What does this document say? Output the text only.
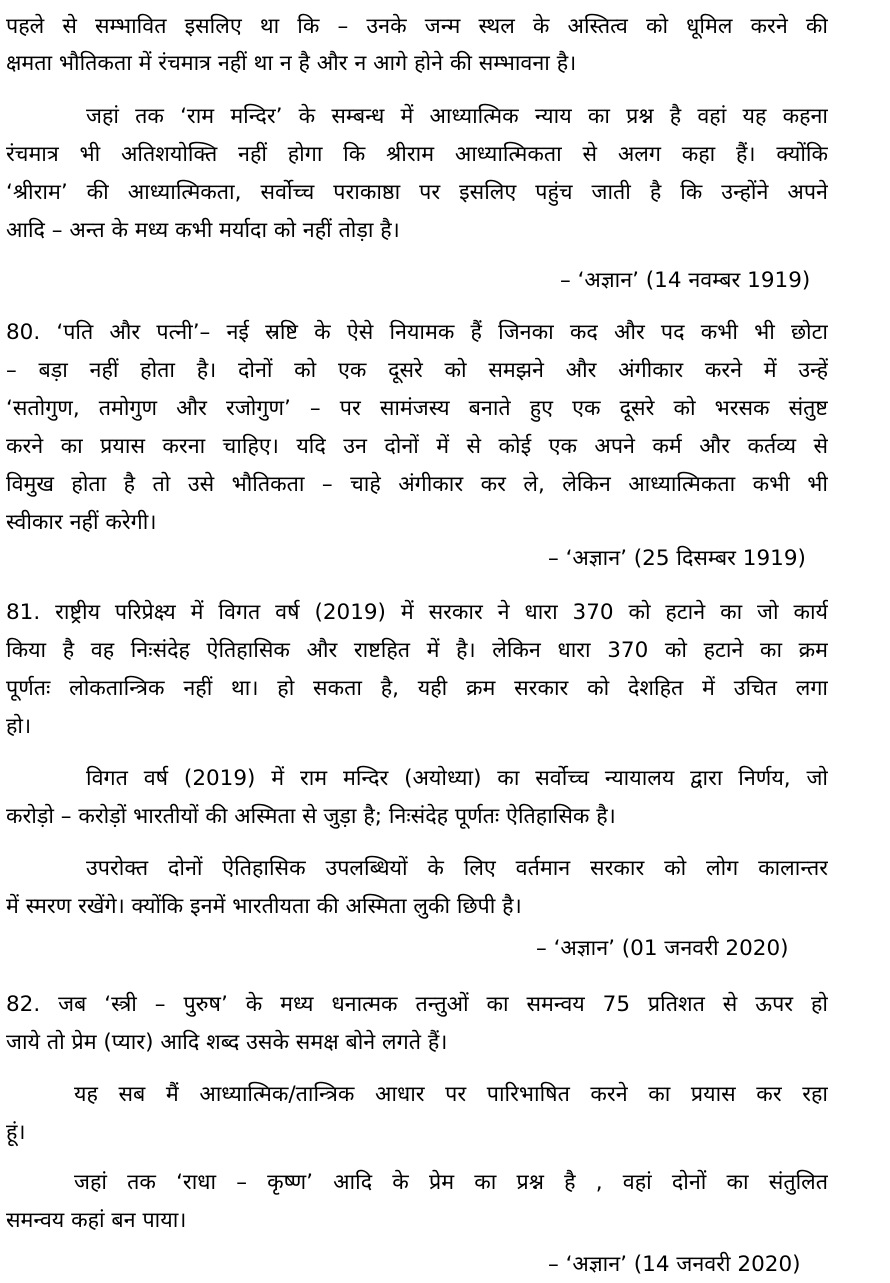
पहले से सम्भावित इसलिए था कि – उनके जन्म स्थल के अस्तित्व को धूमिल करने की
क्षमता भौतिकता में रंचमात्र नहीं था न है और न आगे होने की सम्भावना है।
जहां तक ‘राम मन्दिर’ के सम्बन्ध में आध्यात्मिक न्याय का प्रश्न है वहां यह कहना
रंचमात्र भी अतिशयोक्ति नहीं होगा कि श्रीराम आध्यात्मिकता से अलग कहा हैं। क्योंकि
‘श्रीराम’ की आध्यात्मिकता, सर्वोच्च पराकाष्ठा पर इसलिए पहुंच जाती है कि उन्होंने अपने
आदि – अन्त के मध्य कभी मर्यादा को नहीं तोड़ा है।
– ‘अज्ञान’ (14 नवम्बर 1919)
80. ‘पति और पत्नी’– नई स्रष्टि के ऐसे नियामक हैं जिनका कद और पद कभी भी छोटा
– बड़ा नहीं होता है। दोनों को एक दूसरे को समझने और अंगीकार करने में उन्हें
‘सतोगुण, तमोगुण और रजोगुण’ – पर सामंजस्य बनाते हुए एक दूसरे को भरसक संतुष्ट
करने का प्रयास करना चाहिए। यदि उन दोनों में से कोई एक अपने कर्म और कर्तव्य से
विमुख होता है तो उसे भौतिकता – चाहे अंगीकार कर ले, लेकिन आध्यात्मिकता कभी भी
स्वीकार नहीं करेगी।
– ‘अज्ञान’ (25 दिसम्बर 1919)
81. राष्ट्रीय परिप्रेक्ष्य में विगत वर्ष (2019) में सरकार ने धारा 370 को हटाने का जो कार्य
किया है वह निःसंदेह ऐतिहासिक और राष्टहित में है। लेकिन धारा 370 को हटाने का क्रम
पूर्णतः लोकतान्त्रिक नहीं था। हो सकता है, यही क्रम सरकार को देशहित में उचित लगा
हो।
विगत वर्ष (2019) में राम मन्दिर (अयोध्या) का सर्वोच्च न्यायालय द्वारा निर्णय, जो
करोड़ो – करोड़ों भारतीयों की अस्मिता से जुड़ा है; निःसंदेह पूर्णतः ऐतिहासिक है।
उपरोक्त दोनों ऐतिहासिक उपलब्धियों के लिए वर्तमान सरकार को लोग कालान्तर
में स्मरण रखेंगे। क्योंकि इनमें भारतीयता की अस्मिता लुकी छिपी है।
– ‘अज्ञान’ (01 जनवरी 2020)
82. जब ‘स्त्री – पुरुष’ के मध्य धनात्मक तन्तुओं का समन्वय 75 प्रतिशत से ऊपर हो
जाये तो प्रेम (प्यार) आदि शब्द उसके समक्ष बोने लगते हैं।
यह सब मैं आध्यात्मिक/तान्त्रिक आधार पर पारिभाषित करने का प्रयास कर रहा
हूं।
जहां तक ‘राधा – कृष्ण’ आदि के प्रेम का प्रश्न है , वहां दोनों का संतुलित
समन्वय कहां बन पाया।
– ‘अज्ञान’ (14 जनवरी 2020)
